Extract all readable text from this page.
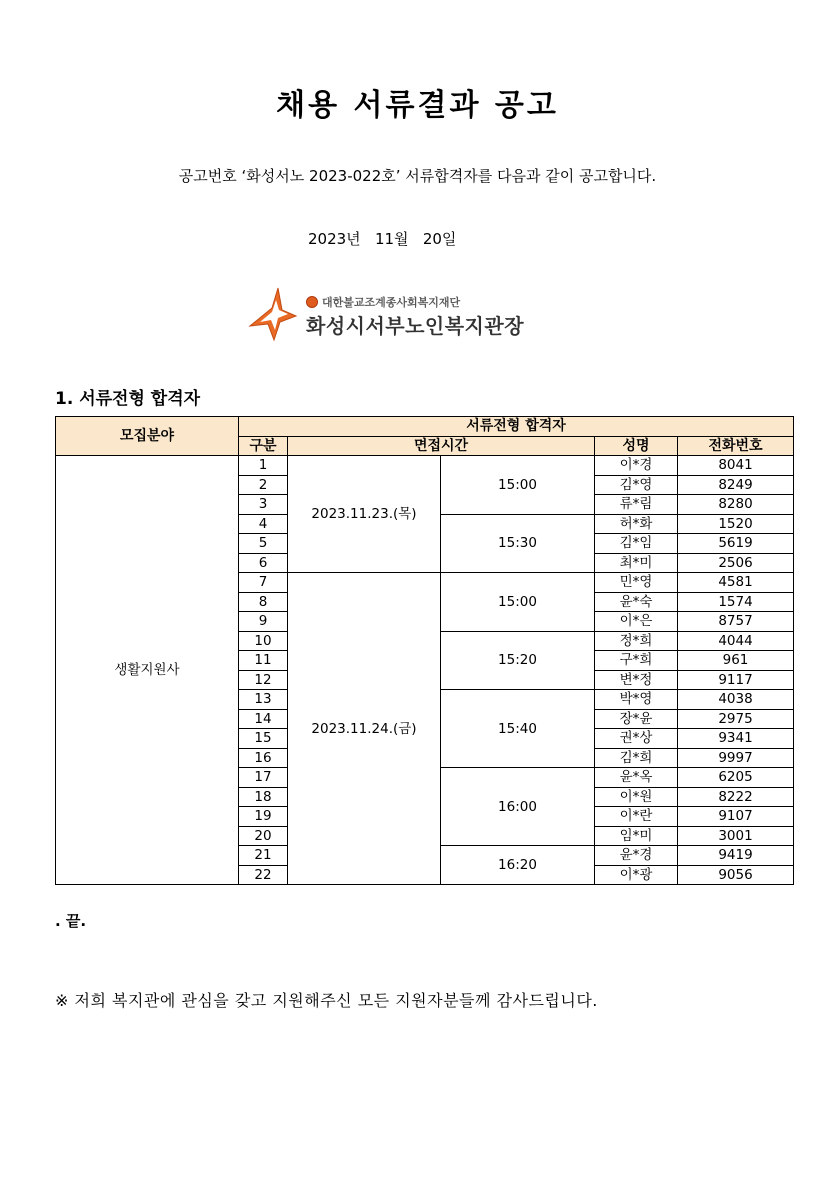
채용 서류결과 공고
공고번호 ‘화성서노 2023-022호’ 서류합격자를 다음과 같이 공고합니다.
2023년   11월   20일
대한불교조계종사회복지재단
화성시서부노인복지관장
1. 서류전형 합격자
모집분야	서류전형 합격자				
	구분	면접시간		성명	전화번호
생활지원사	1	2023.11.23.(목)	15:00	이*경	8041
	2			김*영	8249
	3			류*림	8280
	4		15:30	허*화	1520
	5			김*임	5619
	6			최*미	2506
	7	2023.11.24.(금)	15:00	민*영	4581
	8			윤*숙	1574
	9			이*은	8757
	10		15:20	정*희	4044
	11			구*희	961
	12			변*정	9117
	13		15:40	박*영	4038
	14			장*윤	2975
	15			권*상	9341
	16			김*희	9997
	17		16:00	윤*옥	6205
	18			이*원	8222
	19			이*란	9107
	20			임*미	3001
	21		16:20	윤*경	9419
	22			이*광	9056
. 끝.
※ 저희 복지관에 관심을 갖고 지원해주신 모든 지원자분들께 감사드립니다.
